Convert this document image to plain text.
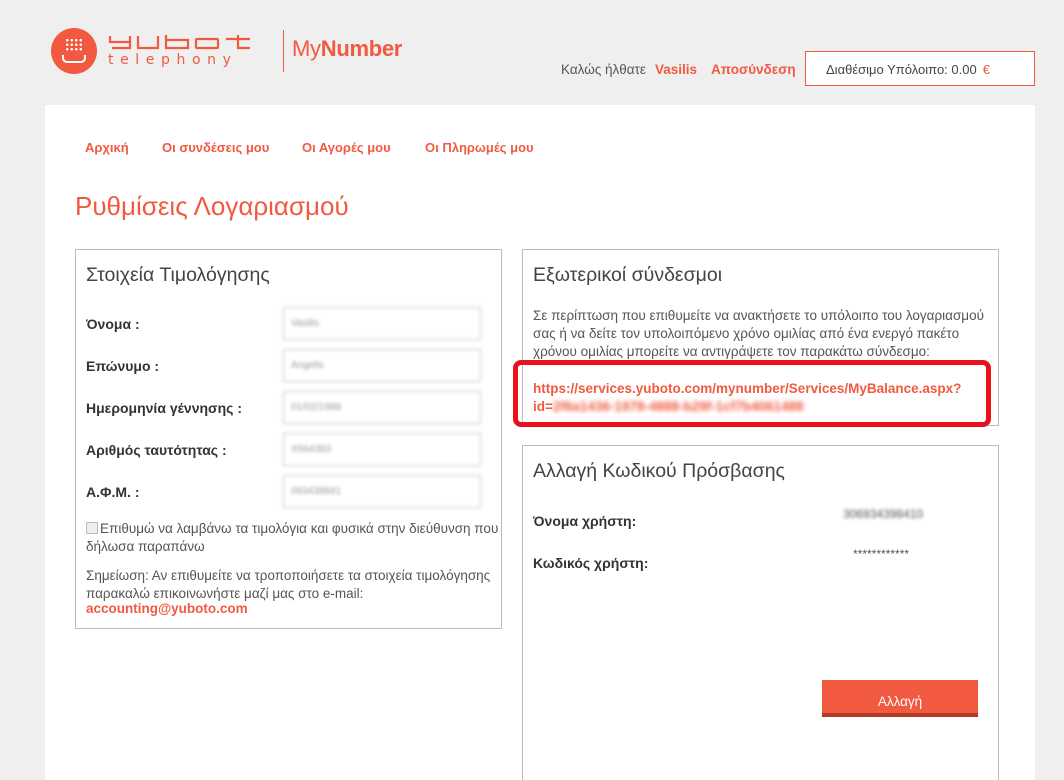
telephony MyNumber
Καλώς ήλθατε Vasilis Αποσύνδεση	Διαθέσιμο Υπόλοιπο: 0.00 €
Αρχική	Οι συνδέσεις μου	Οι Αγορές μου	Οι Πληρωμές μου
Ρυθμίσεις Λογαριασμού
Στοιχεία Τιμολόγησης
Όνομα :	Vasilis
Επώνυμο :	Angelis
Ημερομηνία γέννησης :	01/02/1988
Αριθμός ταυτότητας :	X564393
Α.Φ.Μ. :	093439841
Επιθυμώ να λαμβάνω τα τιμολόγια και φυσικά στην διεύθυνση που δήλωσα παραπάνω
Σημείωση: Αν επιθυμείτε να τροποποιήσετε τα στοιχεία τιμολόγησης παρακαλώ επικοινωνήστε μαζί μας στο e-mail:
accounting@yuboto.com
Εξωτερικοί σύνδεσμοι
Σε περίπτωση που επιθυμείτε να ανακτήσετε το υπόλοιπο του λογαριασμού σας ή να δείτε τον υπολοιπόμενο χρόνο ομιλίας από ένα ενεργό πακέτο χρόνου ομιλίας μπορείτε να αντιγράψετε τον παρακάτω σύνδεσμο:
https://services.yuboto.com/mynumber/Services/MyBalance.aspx?id=2f6a1436-1978-4888-b29f-1cf7b4061488
Αλλαγή Κωδικού Πρόσβασης
Όνομα χρήστη:	306934398410
Κωδικός χρήστη:
************
Αλλαγή
